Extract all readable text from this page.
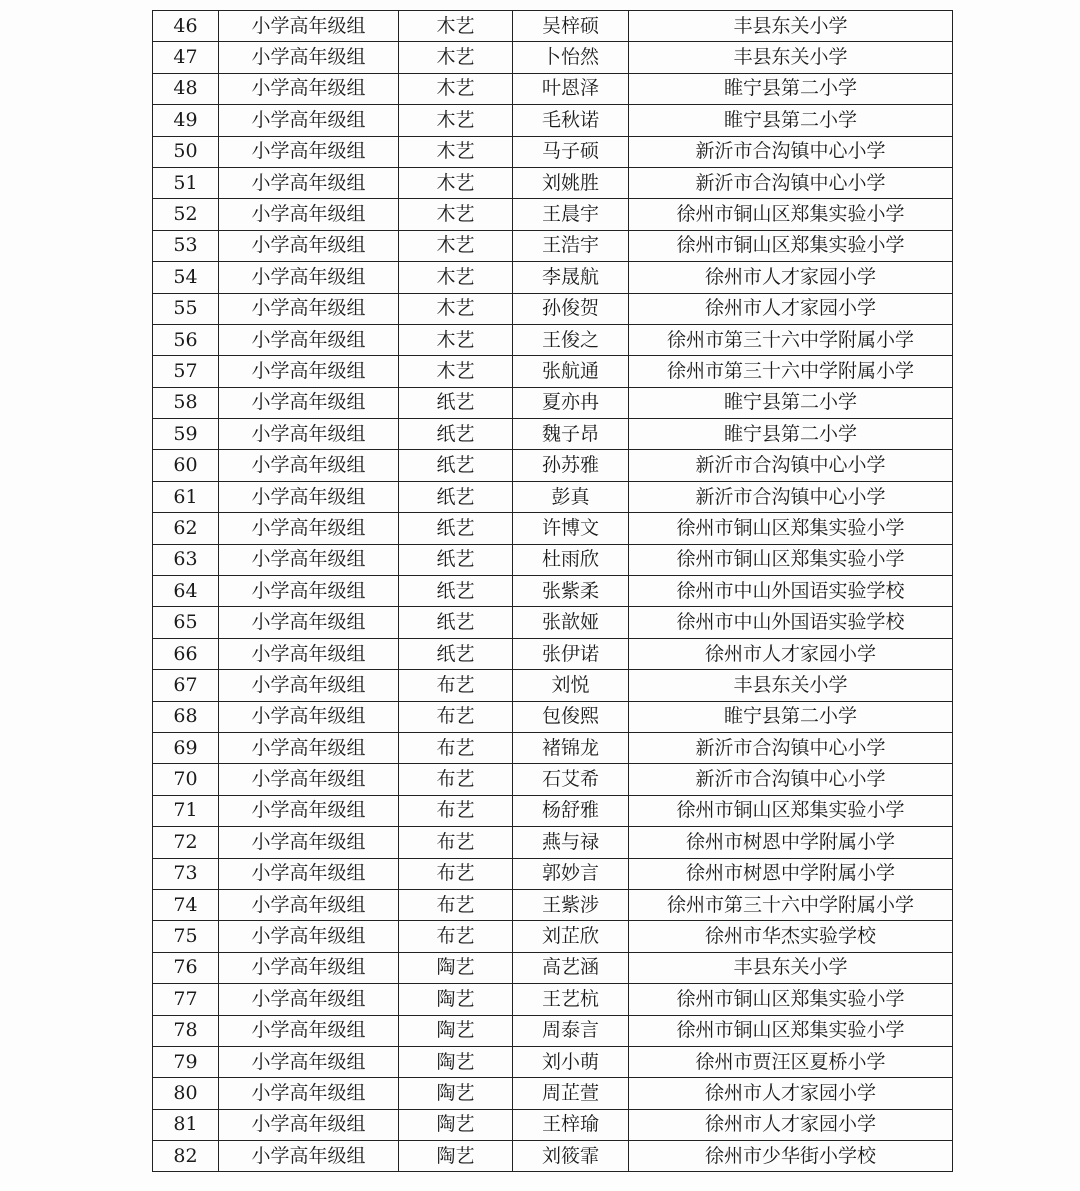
46	小学高年级组	木艺	吴梓硕	丰县东关小学
47	小学高年级组	木艺	卜怡然	丰县东关小学
48	小学高年级组	木艺	叶恩泽	睢宁县第二小学
49	小学高年级组	木艺	毛秋诺	睢宁县第二小学
50	小学高年级组	木艺	马子硕	新沂市合沟镇中心小学
51	小学高年级组	木艺	刘姚胜	新沂市合沟镇中心小学
52	小学高年级组	木艺	王晨宇	徐州市铜山区郑集实验小学
53	小学高年级组	木艺	王浩宇	徐州市铜山区郑集实验小学
54	小学高年级组	木艺	李晟航	徐州市人才家园小学
55	小学高年级组	木艺	孙俊贺	徐州市人才家园小学
56	小学高年级组	木艺	王俊之	徐州市第三十六中学附属小学
57	小学高年级组	木艺	张航通	徐州市第三十六中学附属小学
58	小学高年级组	纸艺	夏亦冉	睢宁县第二小学
59	小学高年级组	纸艺	魏子昂	睢宁县第二小学
60	小学高年级组	纸艺	孙苏雅	新沂市合沟镇中心小学
61	小学高年级组	纸艺	彭真	新沂市合沟镇中心小学
62	小学高年级组	纸艺	许博文	徐州市铜山区郑集实验小学
63	小学高年级组	纸艺	杜雨欣	徐州市铜山区郑集实验小学
64	小学高年级组	纸艺	张紫柔	徐州市中山外国语实验学校
65	小学高年级组	纸艺	张歆娅	徐州市中山外国语实验学校
66	小学高年级组	纸艺	张伊诺	徐州市人才家园小学
67	小学高年级组	布艺	刘悦	丰县东关小学
68	小学高年级组	布艺	包俊熙	睢宁县第二小学
69	小学高年级组	布艺	褚锦龙	新沂市合沟镇中心小学
70	小学高年级组	布艺	石艾希	新沂市合沟镇中心小学
71	小学高年级组	布艺	杨舒雅	徐州市铜山区郑集实验小学
72	小学高年级组	布艺	燕与禄	徐州市树恩中学附属小学
73	小学高年级组	布艺	郭妙言	徐州市树恩中学附属小学
74	小学高年级组	布艺	王紫涉	徐州市第三十六中学附属小学
75	小学高年级组	布艺	刘芷欣	徐州市华杰实验学校
76	小学高年级组	陶艺	高艺涵	丰县东关小学
77	小学高年级组	陶艺	王艺杭	徐州市铜山区郑集实验小学
78	小学高年级组	陶艺	周泰言	徐州市铜山区郑集实验小学
79	小学高年级组	陶艺	刘小萌	徐州市贾汪区夏桥小学
80	小学高年级组	陶艺	周芷萱	徐州市人才家园小学
81	小学高年级组	陶艺	王梓瑜	徐州市人才家园小学
82	小学高年级组	陶艺	刘筱霏	徐州市少华街小学校
